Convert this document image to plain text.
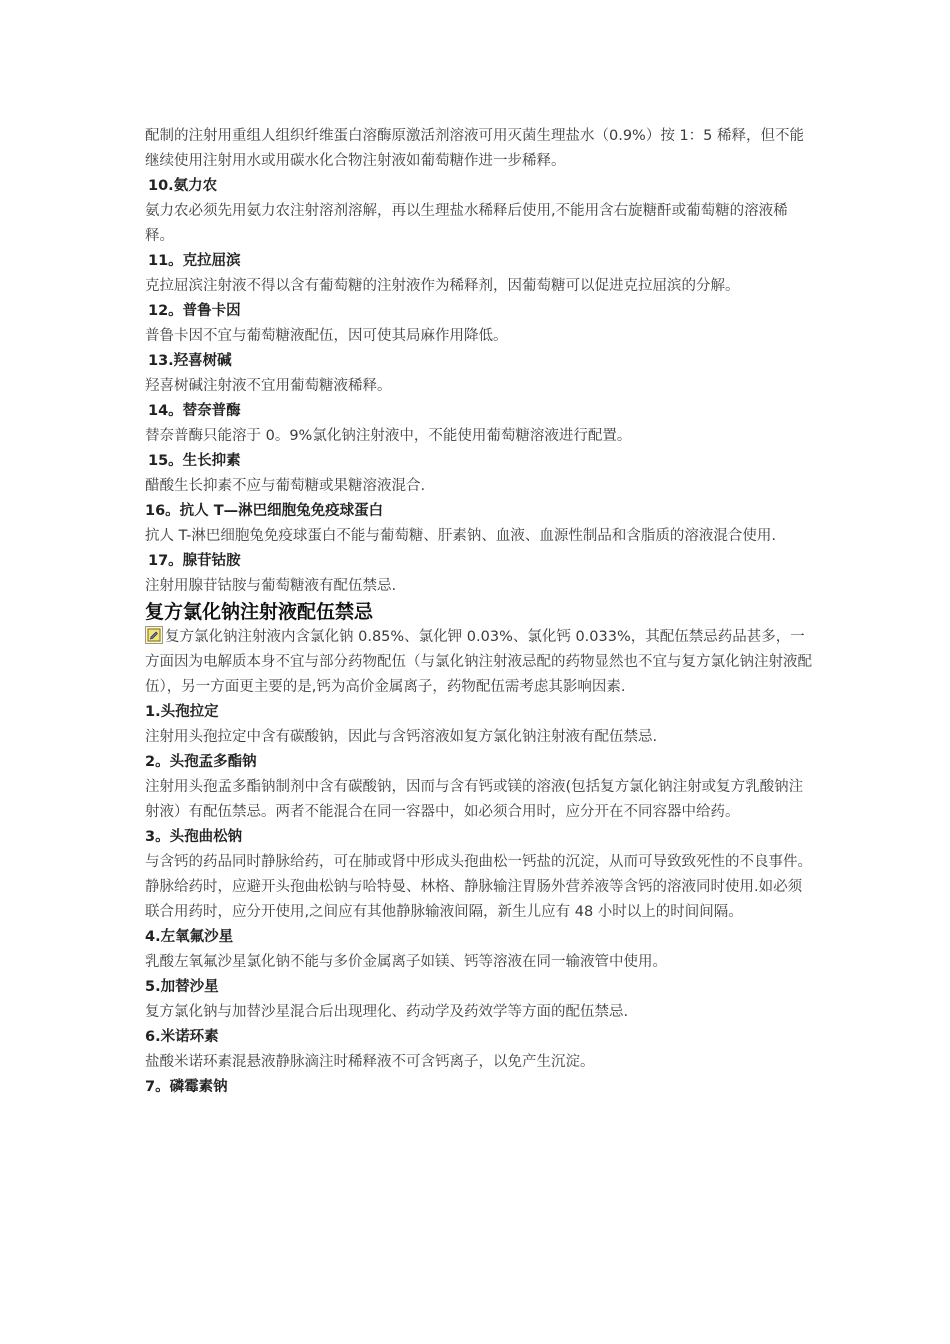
配制的注射用重组人组织纤维蛋白溶酶原激活剂溶液可用灭菌生理盐水（0.9%）按 1：5 稀释，但不能继续使用注射用水或用碳水化合物注射液如葡萄糖作进一步稀释。

10.氨力农

氨力农必须先用氨力农注射溶剂溶解，再以生理盐水稀释后使用,不能用含右旋糖酐或葡萄糖的溶液稀释。

11。克拉屈滨

克拉屈滨注射液不得以含有葡萄糖的注射液作为稀释剂，因葡萄糖可以促进克拉屈滨的分解。

12。普鲁卡因

普鲁卡因不宜与葡萄糖液配伍，因可使其局麻作用降低。

13.羟喜树碱

羟喜树碱注射液不宜用葡萄糖液稀释。

14。替奈普酶

替奈普酶只能溶于 0。9%氯化钠注射液中，不能使用葡萄糖溶液进行配置。

15。生长抑素

醋酸生长抑素不应与葡萄糖或果糖溶液混合.

16。抗人 T—淋巴细胞兔免疫球蛋白

抗人 T-淋巴细胞兔免疫球蛋白不能与葡萄糖、肝素钠、血液、血源性制品和含脂质的溶液混合使用.

17。腺苷钴胺

注射用腺苷钴胺与葡萄糖液有配伍禁忌.

复方氯化钠注射液配伍禁忌

复方氯化钠注射液内含氯化钠 0.85%、氯化钾 0.03%、氯化钙 0.033%，其配伍禁忌药品甚多，一方面因为电解质本身不宜与部分药物配伍（与氯化钠注射液忌配的药物显然也不宜与复方氯化钠注射液配伍），另一方面更主要的是,钙为高价金属离子，药物配伍需考虑其影响因素.

1.头孢拉定

注射用头孢拉定中含有碳酸钠，因此与含钙溶液如复方氯化钠注射液有配伍禁忌.

2。头孢孟多酯钠

注射用头孢孟多酯钠制剂中含有碳酸钠，因而与含有钙或镁的溶液(包括复方氯化钠注射或复方乳酸钠注射液）有配伍禁忌。两者不能混合在同一容器中，如必须合用时，应分开在不同容器中给药。

3。头孢曲松钠

与含钙的药品同时静脉给药，可在肺或肾中形成头孢曲松一钙盐的沉淀，从而可导致致死性的不良事件。静脉给药时，应避开头孢曲松钠与哈特曼、林格、静脉输注胃肠外营养液等含钙的溶液同时使用.如必须联合用药时，应分开使用,之间应有其他静脉输液间隔，新生儿应有 48 小时以上的时间间隔。

4.左氧氟沙星

乳酸左氧氟沙星氯化钠不能与多价金属离子如镁、钙等溶液在同一输液管中使用。

5.加替沙星

复方氯化钠与加替沙星混合后出现理化、药动学及药效学等方面的配伍禁忌.

6.米诺环素

盐酸米诺环素混悬液静脉滴注时稀释液不可含钙离子，以免产生沉淀。

7。磷霉素钠
